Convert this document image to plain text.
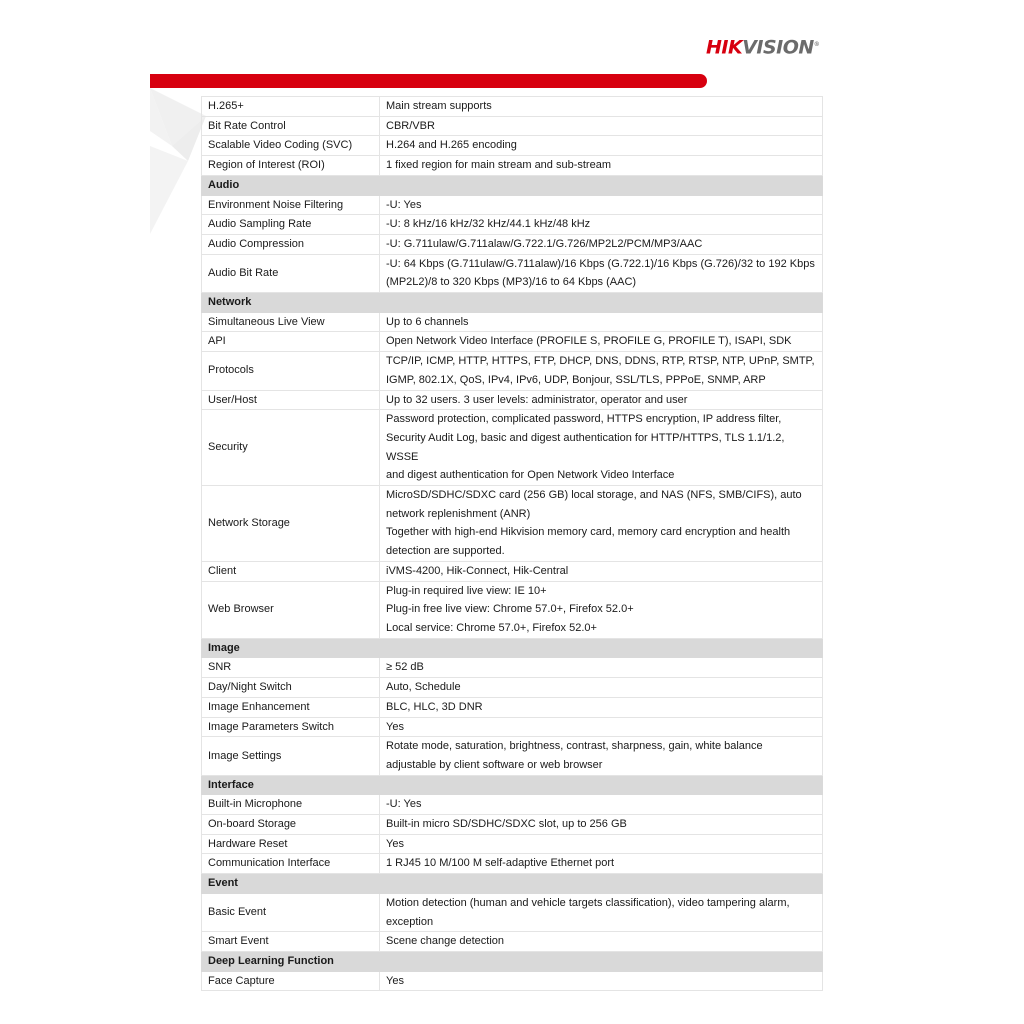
HIKVISION®
H.265+	Main stream supports

Bit Rate Control	CBR/VBR

Scalable Video Coding (SVC)	H.264 and H.265 encoding

Region of Interest (ROI)	1 fixed region for main stream and sub-stream

Audio	
Environment Noise Filtering	-U: Yes

Audio Sampling Rate	-U: 8 kHz/16 kHz/32 kHz/44.1 kHz/48 kHz

Audio Compression	-U: G.711ulaw/G.711alaw/G.722.1/G.726/MP2L2/PCM/MP3/AAC

Audio Bit Rate	-U: 64 Kbps (G.711ulaw/G.711alaw)/16 Kbps (G.722.1)/16 Kbps (G.726)/32 to 192 Kbps
(MP2L2)/8 to 320 Kbps (MP3)/16 to 64 Kbps (AAC)

Network	
Simultaneous Live View	Up to 6 channels

API	Open Network Video Interface (PROFILE S, PROFILE G, PROFILE T), ISAPI, SDK

Protocols	TCP/IP, ICMP, HTTP, HTTPS, FTP, DHCP, DNS, DDNS, RTP, RTSP, NTP, UPnP, SMTP,
IGMP, 802.1X, QoS, IPv4, IPv6, UDP, Bonjour, SSL/TLS, PPPoE, SNMP, ARP

User/Host	Up to 32 users. 3 user levels: administrator, operator and user

Security	Password protection, complicated password, HTTPS encryption, IP address filter,
Security Audit Log, basic and digest authentication for HTTP/HTTPS, TLS 1.1/1.2, WSSE
and digest authentication for Open Network Video Interface

Network Storage	MicroSD/SDHC/SDXC card (256 GB) local storage, and NAS (NFS, SMB/CIFS), auto
network replenishment (ANR)
Together with high-end Hikvision memory card, memory card encryption and health
detection are supported.

Client	iVMS-4200, Hik-Connect, Hik-Central

Web Browser	Plug-in required live view: IE 10+
Plug-in free live view: Chrome 57.0+, Firefox 52.0+
Local service: Chrome 57.0+, Firefox 52.0+

Image	
SNR	≥ 52 dB

Day/Night Switch	Auto, Schedule

Image Enhancement	BLC, HLC, 3D DNR

Image Parameters Switch	Yes

Image Settings	Rotate mode, saturation, brightness, contrast, sharpness, gain, white balance
adjustable by client software or web browser

Interface	
Built-in Microphone	-U: Yes

On-board Storage	Built-in micro SD/SDHC/SDXC slot, up to 256 GB

Hardware Reset	Yes

Communication Interface	1 RJ45 10 M/100 M self-adaptive Ethernet port

Event	
Basic Event	Motion detection (human and vehicle targets classification), video tampering alarm,
exception

Smart Event	Scene change detection

Deep Learning Function	
Face Capture	Yes
